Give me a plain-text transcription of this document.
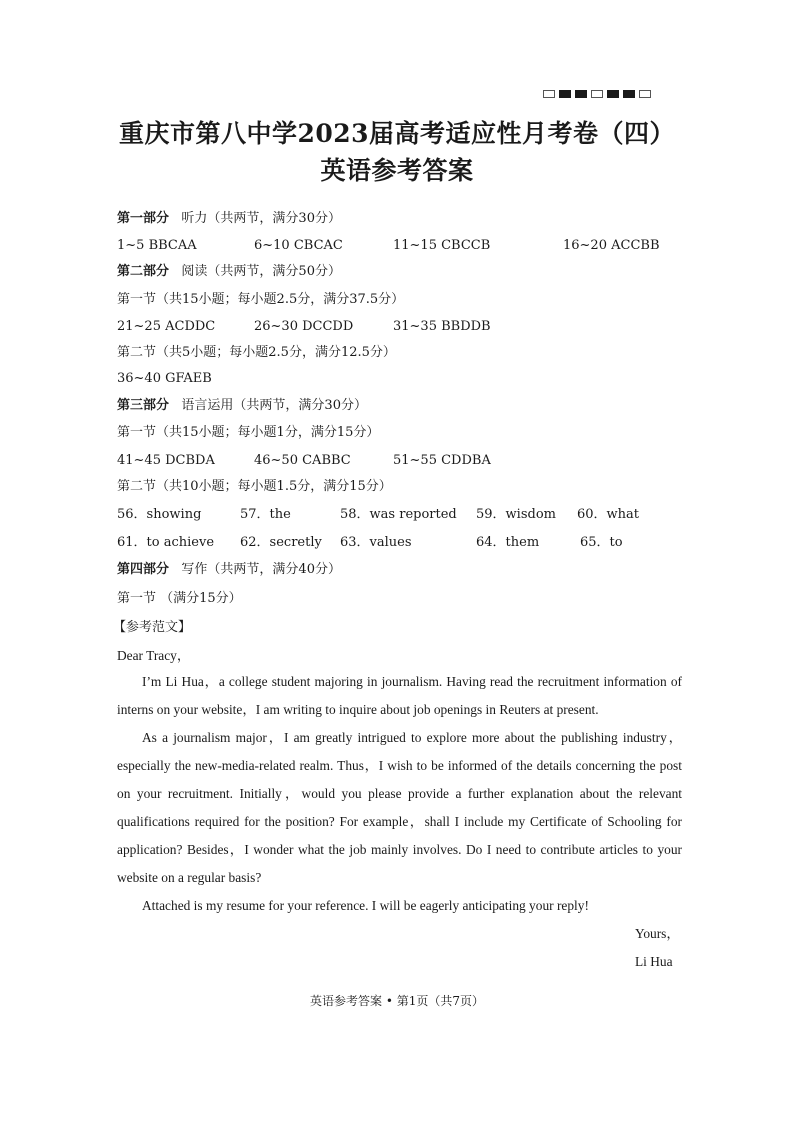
重庆市第八中学2023届高考适应性月考卷（四）
英语参考答案
第一部分 听力（共两节，满分30分）
1~5 BBCAA	6~10 CBCAC	11~15 CBCCB	16~20 ACCBB
第二部分 阅读（共两节，满分50分）
第一节（共15小题；每小题2.5分，满分37.5分）
21~25 ACDDC	26~30 DCCDD	31~35 BBDDB
第二节（共5小题；每小题2.5分，满分12.5分）
36~40 GFAEB
第三部分 语言运用（共两节，满分30分）
第一节（共15小题；每小题1分，满分15分）
41~45 DCBDA	46~50 CABBC	51~55 CDDBA
第二节（共10小题；每小题1.5分，满分15分）
56．showing	57．the	58．was reported 59．wisdom 60．what
61．to achieve 62．secretly 63．values	64．them	65．to
第四部分 写作（共两节，满分40分）
第一节 （满分15分）
【参考范文】
Dear Tracy，

I’m Li Hua，a college student majoring in journalism. Having read the recruitment information of interns on your website，I am writing to inquire about job openings in Reuters at present.

As a journalism major，I am greatly intrigued to explore more about the publishing industry，especially the new-media-related realm. Thus，I wish to be informed of the details concerning the post on your recruitment. Initially，would you please provide a further explanation about the relevant qualifications required for the position? For example，shall I include my Certificate of Schooling for application? Besides，I wonder what the job mainly involves. Do I need to contribute articles to your website on a regular basis?

Attached is my resume for your reference. I will be eagerly anticipating your reply!

Yours，
Li Hua
英语参考答案 • 第1页（共7页）
